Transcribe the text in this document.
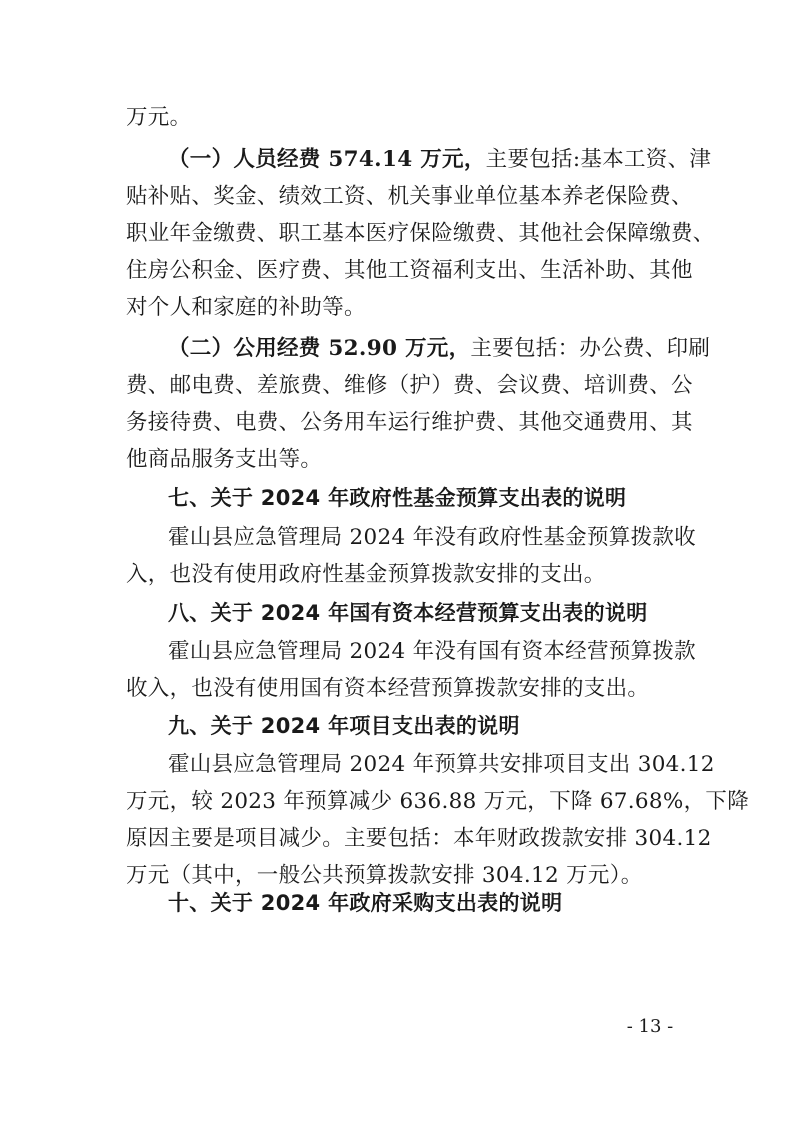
万元。
（一）人员经费 574.14 万元，主要包括:基本工资、津
贴补贴、奖金、绩效工资、机关事业单位基本养老保险费、
职业年金缴费、职工基本医疗保险缴费、其他社会保障缴费、
住房公积金、医疗费、其他工资福利支出、生活补助、其他
对个人和家庭的补助等。
（二）公用经费 52.90 万元，主要包括：办公费、印刷
费、邮电费、差旅费、维修（护）费、会议费、培训费、公
务接待费、电费、公务用车运行维护费、其他交通费用、其
他商品服务支出等。
七、关于 2024 年政府性基金预算支出表的说明
霍山县应急管理局 2024 年没有政府性基金预算拨款收
入，也没有使用政府性基金预算拨款安排的支出。
八、关于 2024 年国有资本经营预算支出表的说明
霍山县应急管理局 2024 年没有国有资本经营预算拨款
收入，也没有使用国有资本经营预算拨款安排的支出。
九、关于 2024 年项目支出表的说明
霍山县应急管理局 2024 年预算共安排项目支出 304.12
万元，较 2023 年预算减少 636.88 万元，下降 67.68%，下降
原因主要是项目减少。主要包括：本年财政拨款安排 304.12
万元（其中，一般公共预算拨款安排 304.12 万元）。
十、关于 2024 年政府采购支出表的说明
- 13 -
